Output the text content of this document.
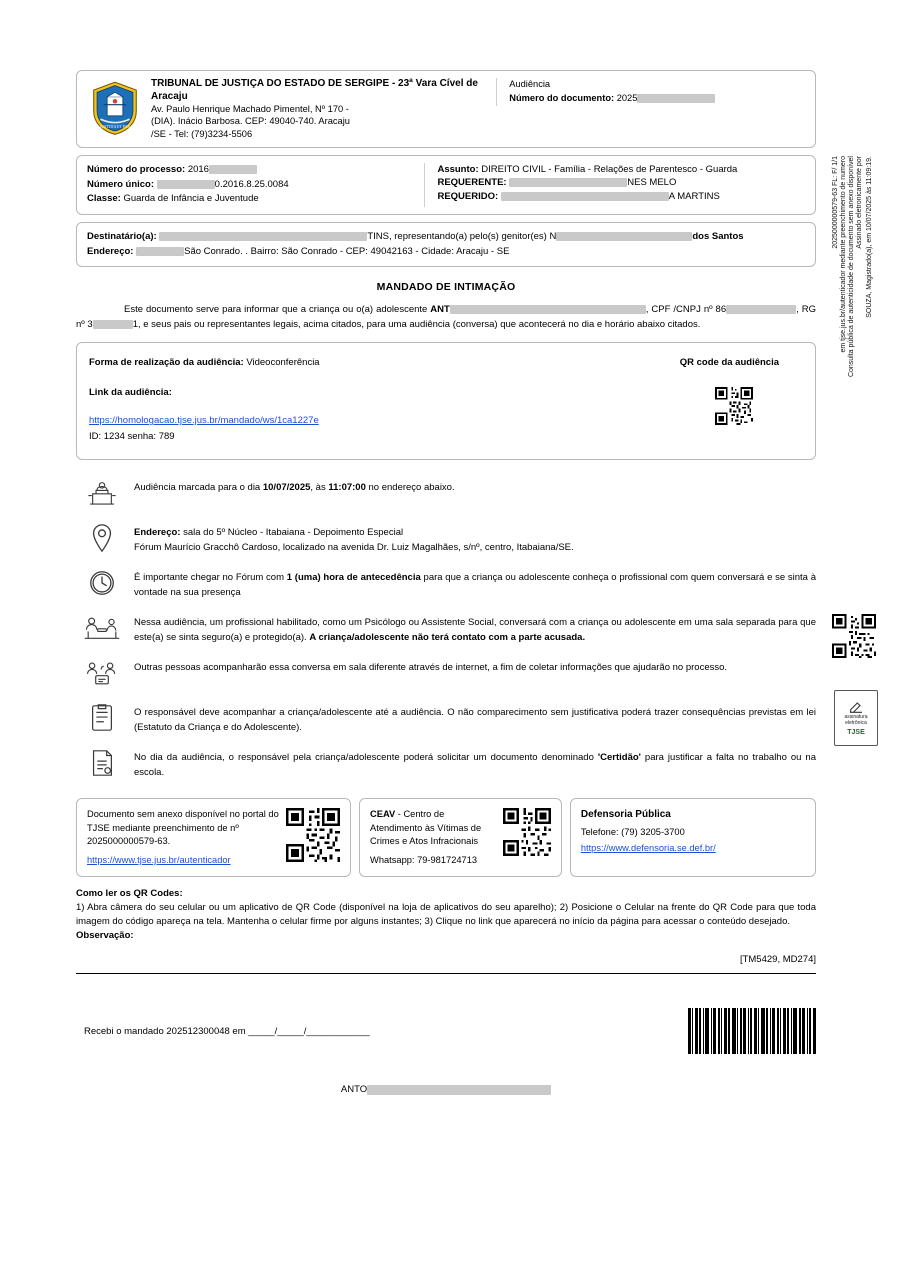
SOUZA, Magistrado(a), em 10/07/2025 às 11:09:19.
Assinado eletronicamente por
Consulta pública de autenticidade de documento sem anexo disponível
em tjse.jus.br/autenticador mediante preenchimento de numero
2025000000579-63 FL: F/ 1/1
assinatura
eletrônica
TJSE
JUSTITIA ET PAX
TRIBUNAL DE JUSTIÇA DO ESTADO DE SERGIPE - 23ª Vara Cível de Aracaju
Av. Paulo Henrique Machado Pimentel, Nº 170 -
(DIA). Inácio Barbosa. CEP: 49040-740. Aracaju
/SE - Tel: (79)3234-5506
Audiência
Número do documento: 2025
Número do processo: 2016
Número único:	0.2016.8.25.0084
Classe: Guarda de Infância e Juventude
Assunto: DIREITO CIVIL - Família - Relações de Parentesco - Guarda
REQUERENTE:	NES MELO
REQUERIDO:	A MARTINS
Destinatário(a):	TINS, representando(a) pelo(s) genitor(es) N	dos Santos
Endereço:	São Conrado. . Bairro: São Conrado - CEP: 49042163 - Cidade: Aracaju - SE
MANDADO DE INTIMAÇÃO
Este documento serve para informar que a criança ou o(a) adolescente ANT	, CPF /CNPJ nº 86	, RG nº 3	1, e seus pais ou representantes legais, acima citados, para uma audiência (conversa) que acontecerá no dia e horário abaixo citados.
Forma de realização da audiência: Videoconferência
Link da audiência:
https://homologacao.tjse.jus.br/mandado/ws/1ca1227e
ID: 1234 senha: 789
QR code da audiência
Audiência marcada para o dia 10/07/2025, às 11:07:00 no endereço abaixo.
Endereço: sala do 5º Núcleo - Itabaiana - Depoimento Especial
Fórum Maurício Gracchô Cardoso, localizado na avenida Dr. Luiz Magalhães, s/nº, centro, Itabaiana/SE.
É importante chegar no Fórum com 1 (uma) hora de antecedência para que a criança ou adolescente conheça o profissional com quem conversará e se sinta à vontade na sua presença
Nessa audiência, um profissional habilitado, como um Psicólogo ou Assistente Social, conversará com a criança ou adolescente em uma sala separada para que este(a) se sinta seguro(a) e protegido(a). A criança/adolescente não terá contato com a parte acusada.
Outras pessoas acompanharão essa conversa em sala diferente através de internet, a fim de coletar informações que ajudarão no processo.
O responsável deve acompanhar a criança/adolescente até a audiência. O não comparecimento sem justificativa poderá trazer consequências previstas em lei (Estatuto da Criança e do Adolescente).
No dia da audiência, o responsável pela criança/adolescente poderá solicitar um documento denominado 'Certidão' para justificar a falta no trabalho ou na escola.
Documento sem anexo disponível no portal do TJSE mediante preenchimento de nº 2025000000579-63.
https://www.tjse.jus.br/autenticador
CEAV - Centro de Atendimento às Vítimas de Crimes e Atos Infracionais
Whatsapp: 79-981724713
Defensoria Pública
Telefone: (79) 3205-3700
https://www.defensoria.se.def.br/
Como ler os QR Codes:
1) Abra câmera do seu celular ou um aplicativo de QR Code (disponível na loja de aplicativos do seu aparelho); 2) Posicione o Celular na frente do QR Code para que toda imagem do código apareça na tela. Mantenha o celular firme por alguns instantes; 3) Clique no link que aparecerá no início da página para acessar o conteúdo desejado.
Observação:
[TM5429, MD274]
Recebi o mandado 202512300048 em _____/_____/____________
ANTO
